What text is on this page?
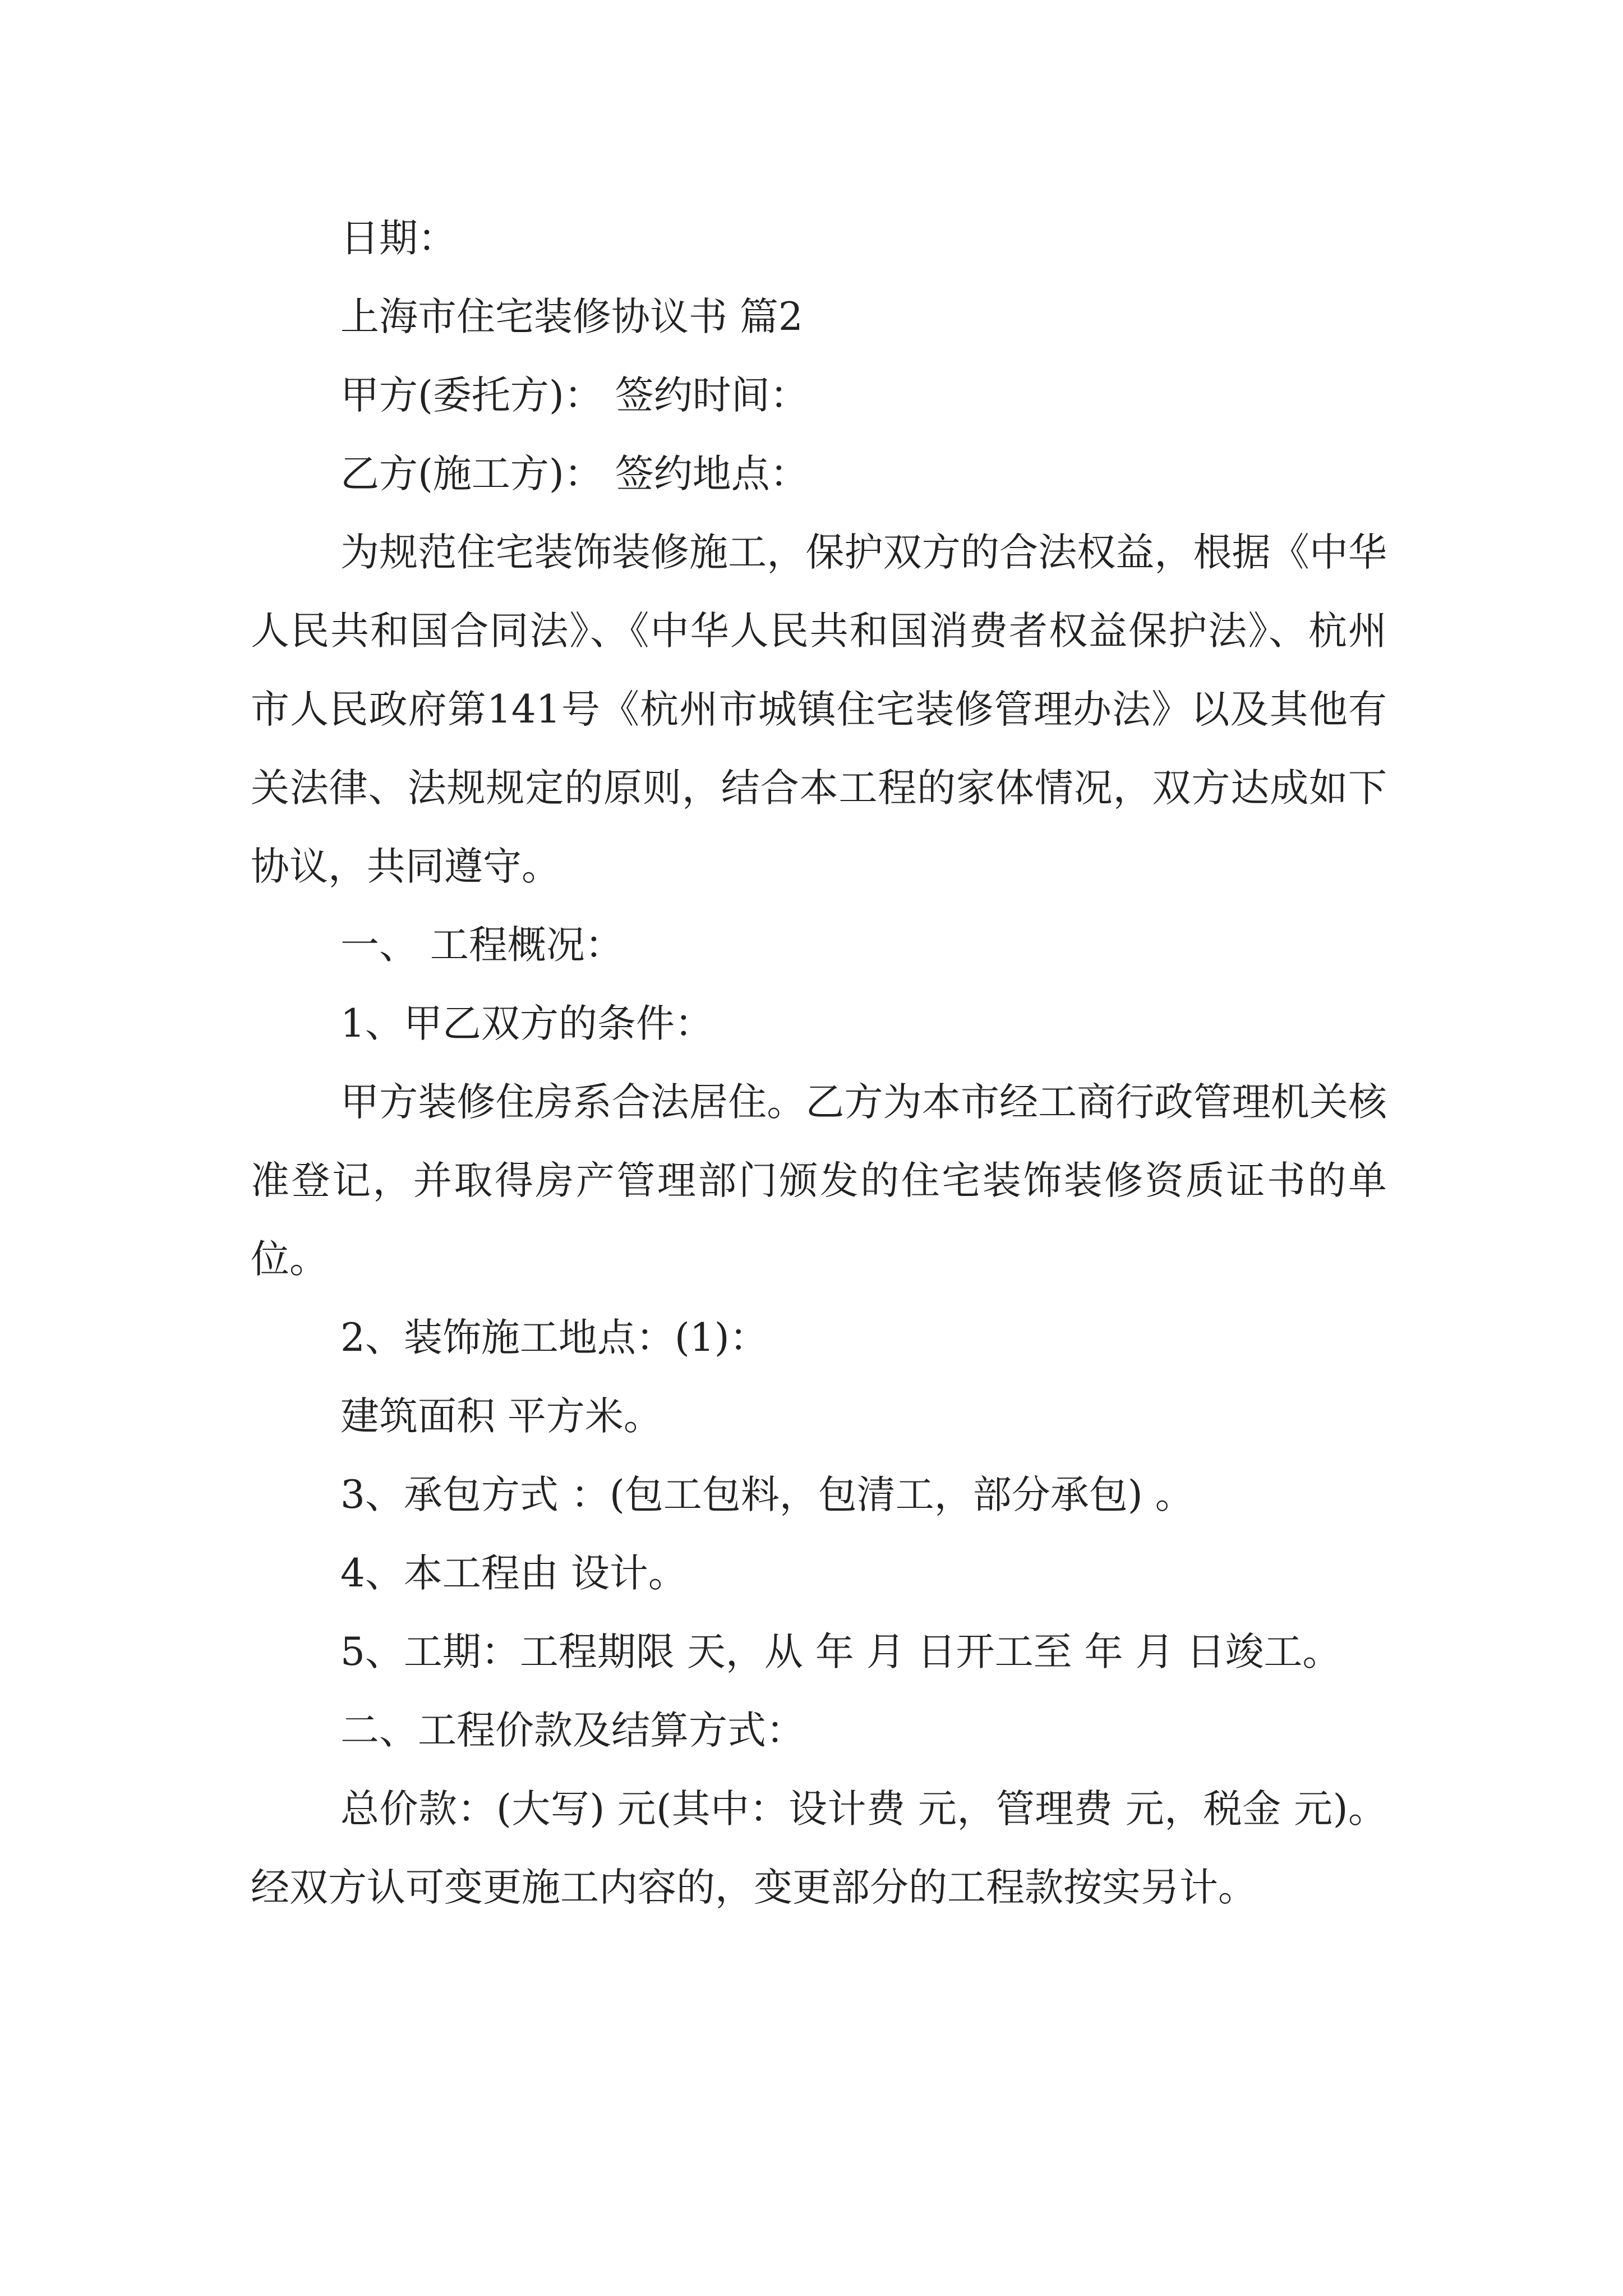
日期：

上海市住宅装修协议书 篇2

甲方(委托方)： 签约时间：

乙方(施工方)： 签约地点：

为规范住宅装饰装修施工，保护双方的合法权益，根据《中华人民共和国合同法》、《中华人民共和国消费者权益保护法》、杭州市人民政府第141号《杭州市城镇住宅装修管理办法》以及其他有关法律、法规规定的原则，结合本工程的家体情况，双方达成如下协议，共同遵守。

一、 工程概况：

1、甲乙双方的条件：

甲方装修住房系合法居住。乙方为本市经工商行政管理机关核准登记，并取得房产管理部门颁发的住宅装饰装修资质证书的单位。

2、装饰施工地点：(1)：

建筑面积 平方米。

3、承包方式 ：(包工包料，包清工，部分承包) 。

4、本工程由 设计。

5、工期：工程期限 天，从 年 月 日开工至 年 月 日竣工。

二、工程价款及结算方式：

总价款：(大写) 元(其中：设计费 元，管理费 元，税金 元)。经双方认可变更施工内容的，变更部分的工程款按实另计。
